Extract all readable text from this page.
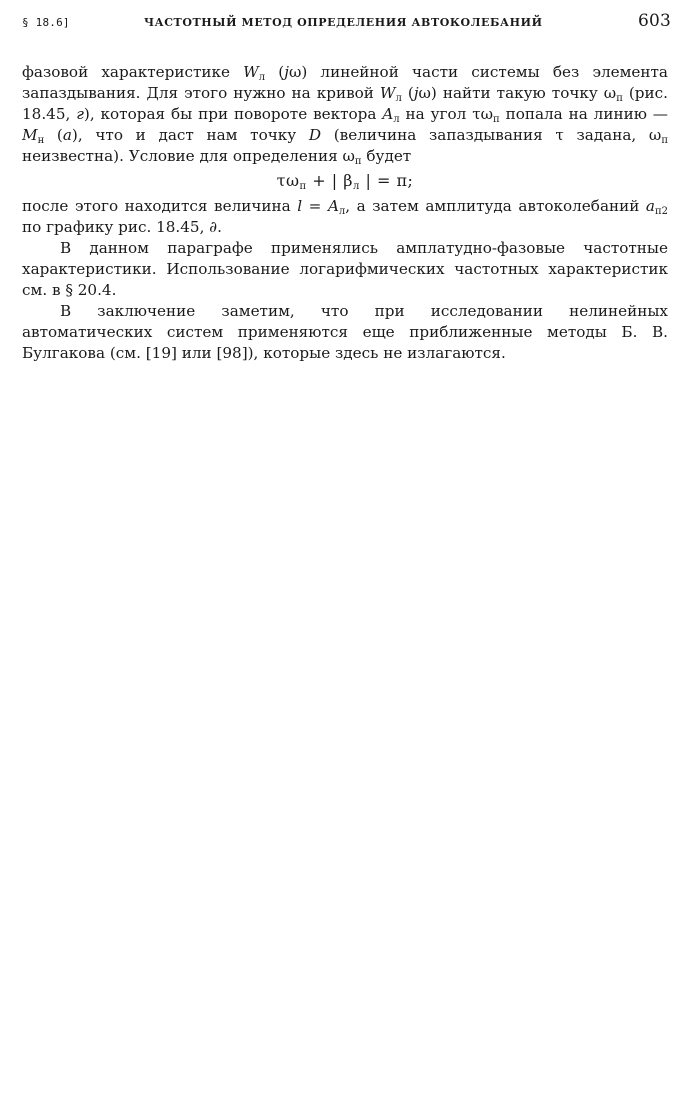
§ 18.6]	ЧАСТОТНЫЙ МЕТОД ОПРЕДЕЛЕНИЯ АВТОКОЛЕБАНИЙ	603

фазовой характеристике $W_л$ (jω) линейной части системы без элемента запаздывания. Для этого нужно на кривой $W_л$ (jω) найти такую точку $\omega_п$ (рис. 18.45, г), которая бы при повороте вектора $A_л$ на угол $\tau\omega_п$ попала на линию — $M_н$ (a), что и даст нам точку D (величина запаздывания τ задана, $\omega_п$ неизвестна). Условие для определения $\omega_п$ будет

$\tau\omega_п$ + | $\beta_л$ | = π;

после этого находится величина $l = A_л$, а затем амплитуда автоколебаний $a_{п2}$ по графику рис. 18.45, ∂.

В данном параграфе применялись амплатудно-фазовые частотные характеристики. Использование логарифмических частотных характеристик см. в § 20.4.

В заключение заметим, что при исследовании нелинейных автоматических систем применяются еще приближенные методы Б. В. Булгакова (см. [19] или [98]), которые здесь не излагаются.
